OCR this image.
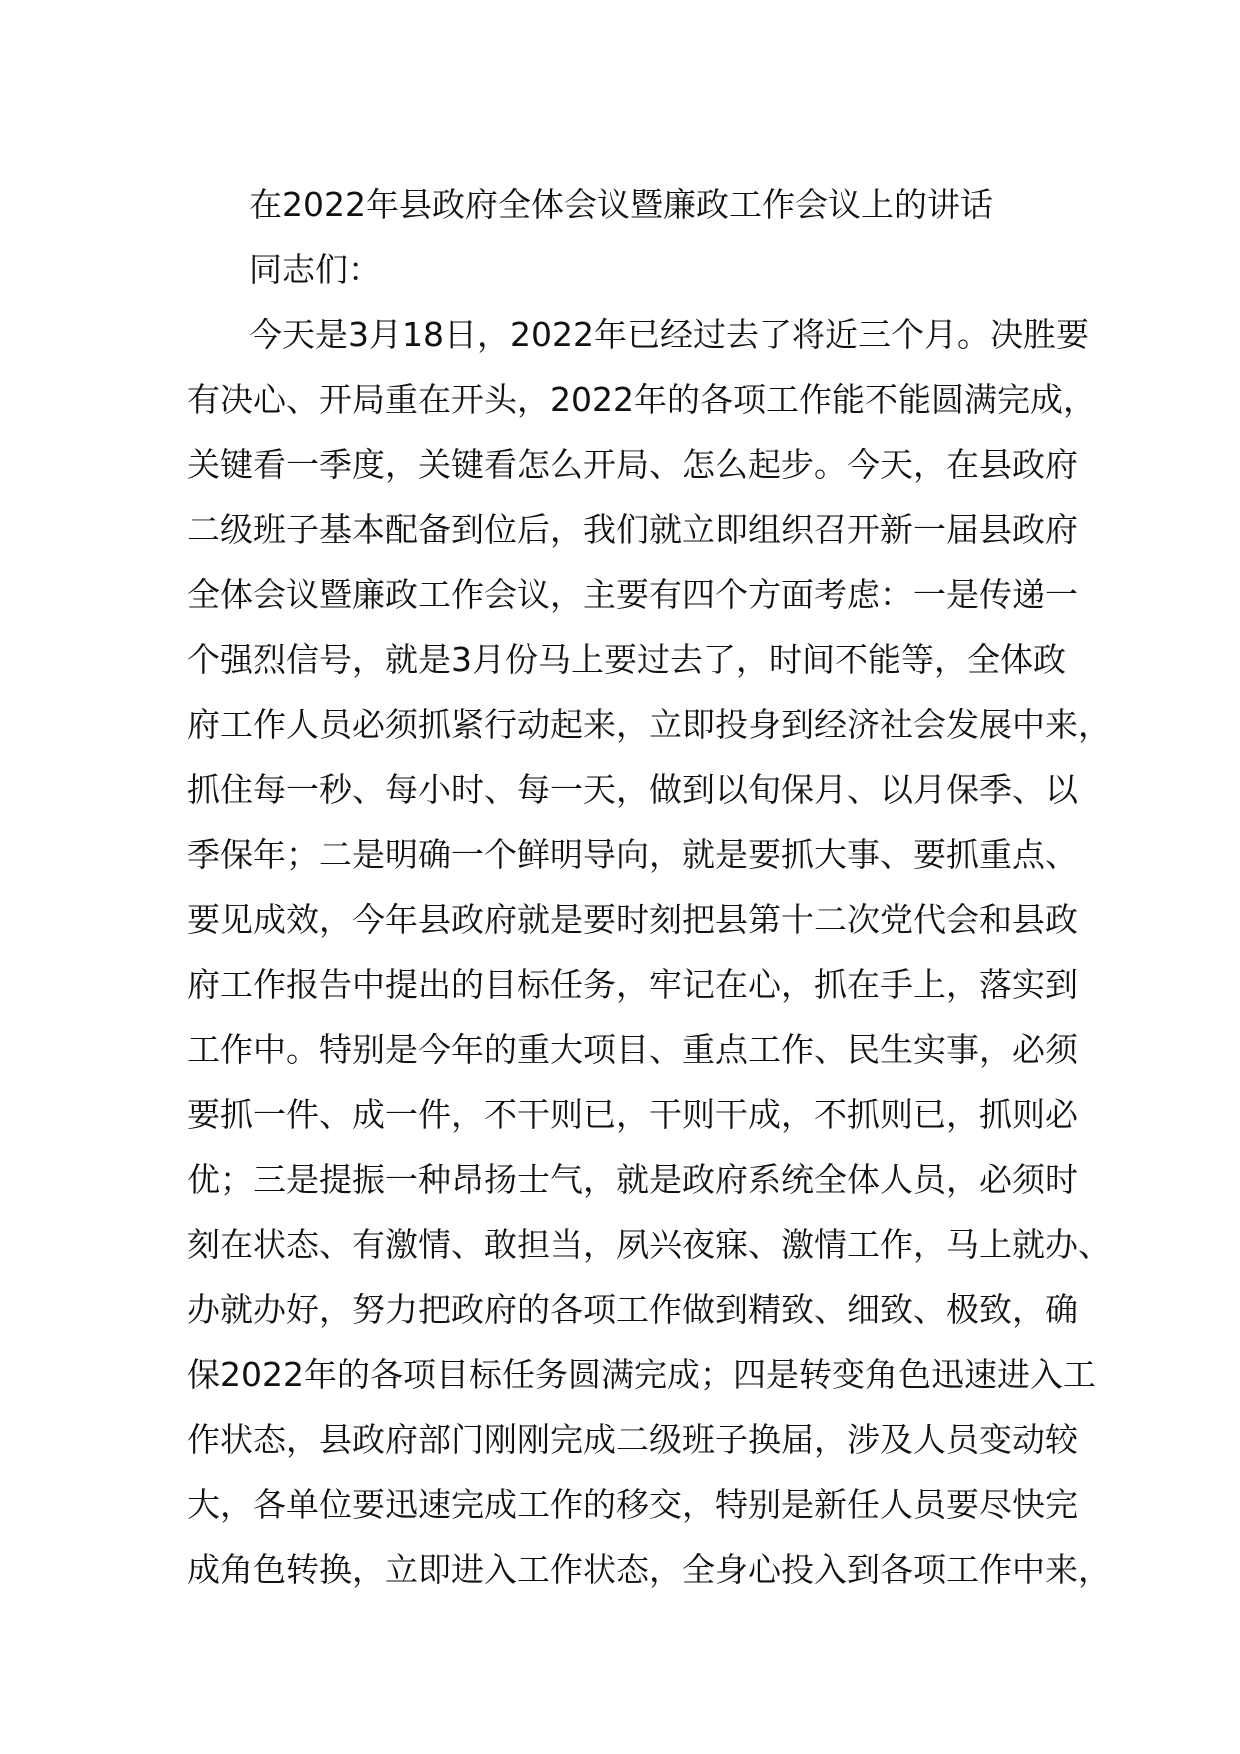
在2022年县政府全体会议暨廉政工作会议上的讲话
同志们：
今天是3月18日，2022年已经过去了将近三个月。决胜要
有决心、开局重在开头，2022年的各项工作能不能圆满完成，
关键看一季度，关键看怎么开局、怎么起步。今天，在县政府
二级班子基本配备到位后，我们就立即组织召开新一届县政府
全体会议暨廉政工作会议，主要有四个方面考虑：一是传递一
个强烈信号，就是3月份马上要过去了，时间不能等，全体政
府工作人员必须抓紧行动起来，立即投身到经济社会发展中来，
抓住每一秒、每小时、每一天，做到以旬保月、以月保季、以
季保年；二是明确一个鲜明导向，就是要抓大事、要抓重点、
要见成效，今年县政府就是要时刻把县第十二次党代会和县政
府工作报告中提出的目标任务，牢记在心，抓在手上，落实到
工作中。特别是今年的重大项目、重点工作、民生实事，必须
要抓一件、成一件，不干则已，干则干成，不抓则已，抓则必
优；三是提振一种昂扬士气，就是政府系统全体人员，必须时
刻在状态、有激情、敢担当，夙兴夜寐、激情工作，马上就办、
办就办好，努力把政府的各项工作做到精致、细致、极致，确
保2022年的各项目标任务圆满完成；四是转变角色迅速进入工
作状态，县政府部门刚刚完成二级班子换届，涉及人员变动较
大，各单位要迅速完成工作的移交，特别是新任人员要尽快完
成角色转换，立即进入工作状态，全身心投入到各项工作中来，
